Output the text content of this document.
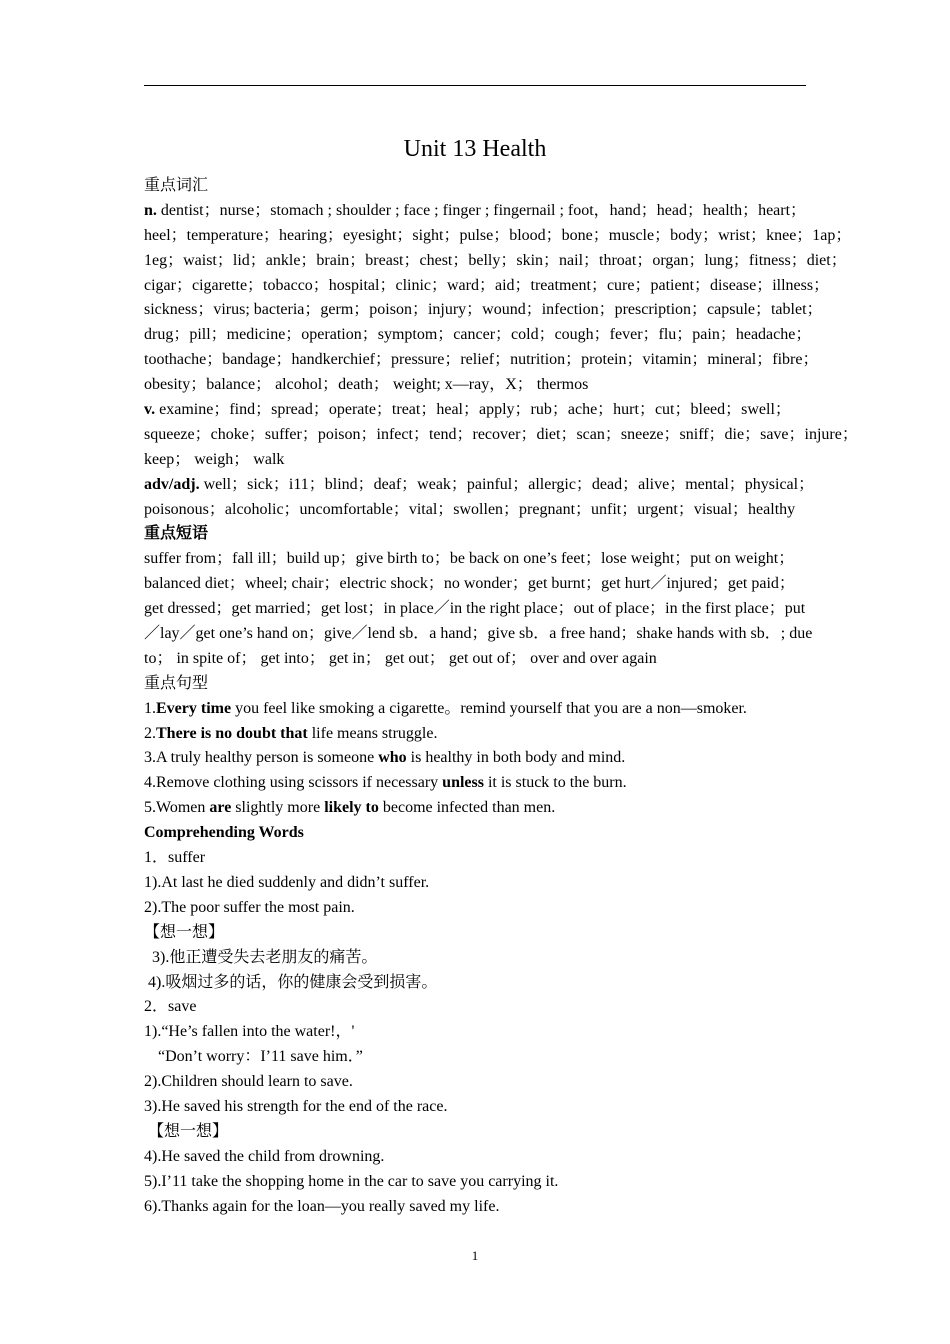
Unit 13 Health
重点词汇
n. dentist；nurse；stomach ; shoulder ; face ; finger ; fingernail ; foot，hand；head；health；heart；
heel；temperature；hearing；eyesight；sight；pulse；blood；bone；muscle；body；wrist；knee；1ap；
1eg；waist；lid；ankle；brain；breast；chest；belly；skin；nail；throat；organ；lung；fitness；diet；
cigar；cigarette；tobacco；hospital；clinic；ward；aid；treatment；cure；patient；disease；illness；
sickness；virus; bacteria；germ；poison；injury；wound；infection；prescription；capsule；tablet；
drug；pill；medicine；operation；symptom；cancer；cold；cough；fever；flu；pain；headache；
toothache；bandage；handkerchief；pressure；relief；nutrition；protein；vitamin；mineral；fibre；
obesity；balance； alcohol；death； weight; x—ray，X； thermos
v. examine；find；spread；operate；treat；heal；apply；rub；ache；hurt；cut；bleed；swell；
squeeze；choke；suffer；poison；infect；tend；recover；diet；scan；sneeze；sniff；die；save；injure；
keep； weigh； walk
adv/adj. well；sick；i11；blind；deaf；weak；painful；allergic；dead；alive；mental；physical；
poisonous；alcoholic；uncomfortable；vital；swollen；pregnant；unfit；urgent；visual；healthy
重点短语
suffer from；fall ill；build up；give birth to；be back on one’s feet；lose weight；put on weight；
balanced diet；wheel; chair；electric shock；no wonder；get burnt；get hurt／injured；get paid；
get dressed；get married；get lost；in place／in the right place；out of place；in the first place；put
／lay／get one’s hand on；give／lend sb．a hand；give sb．a free hand；shake hands with sb．; due
to； in spite of； get into； get in； get out； get out of； over and over again
重点句型
1.Every time you feel like smoking a cigarette。remind yourself that you are a non—smoker.
2.There is no doubt that life means struggle.
3.A truly healthy person is someone who is healthy in both body and mind.
4.Remove clothing using scissors if necessary unless it is stuck to the burn.
5.Women are slightly more likely to become infected than men.
Comprehending Words
1．suffer
1).At last he died suddenly and didn’t suffer.
2).The poor suffer the most pain.
【想一想】
3).他正遭受失去老朋友的痛苦。
4).吸烟过多的话，你的健康会受到损害。
2．save
1).“He’s fallen into the water!，'
“Don’t worry：I’11 save him．”
2).Children should learn to save.
3).He saved his strength for the end of the race.
【想一想】
4).He saved the child from drowning.
5).I’11 take the shopping home in the car to save you carrying it.
6).Thanks again for the loan—you really saved my life.
1
